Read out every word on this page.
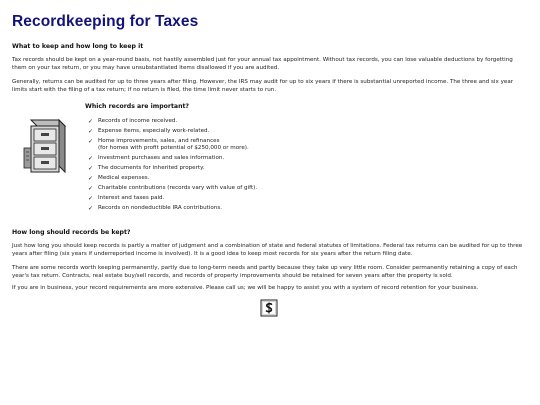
Recordkeeping for Taxes
What to keep and how long to keep it
Tax records should be kept on a year-round basis, not hastily assembled just for your annual tax appointment. Without tax records, you can lose valuable deductions by forgetting them on your tax return, or you may have unsubstantiated items disallowed if you are audited.
Generally, returns can be audited for up to three years after filing. However, the IRS may audit for up to six years if there is substantial unreported income. The three and six year limits start with the filing of a tax return; if no return is filed, the time limit never starts to run.
Which records are important?
✓ Records of income received.
✓ Expense items, especially work-related.
✓ Home improvements, sales, and refinances
(for homes with profit potential of $250,000 or more).
✓ Investment purchases and sales information.
✓ The documents for inherited property.
✓ Medical expenses.
✓ Charitable contributions (records vary with value of gift).
✓ Interest and taxes paid.
✓ Records on nondeductible IRA contributions.
How long should records be kept?
Just how long you should keep records is partly a matter of judgment and a combination of state and federal statutes of limitations. Federal tax returns can be audited for up to three years after filing (six years if underreported income is involved). It is a good idea to keep most records for six years after the return filing date.
There are some records worth keeping permanently, partly due to long-term needs and partly because they take up very little room. Consider permanently retaining a copy of each year's tax return. Contracts, real estate buy/sell records, and records of property improvements should be retained for seven years after the property is sold.
If you are in business, your record requirements are more extensive. Please call us; we will be happy to assist you with a system of record retention for your business.
